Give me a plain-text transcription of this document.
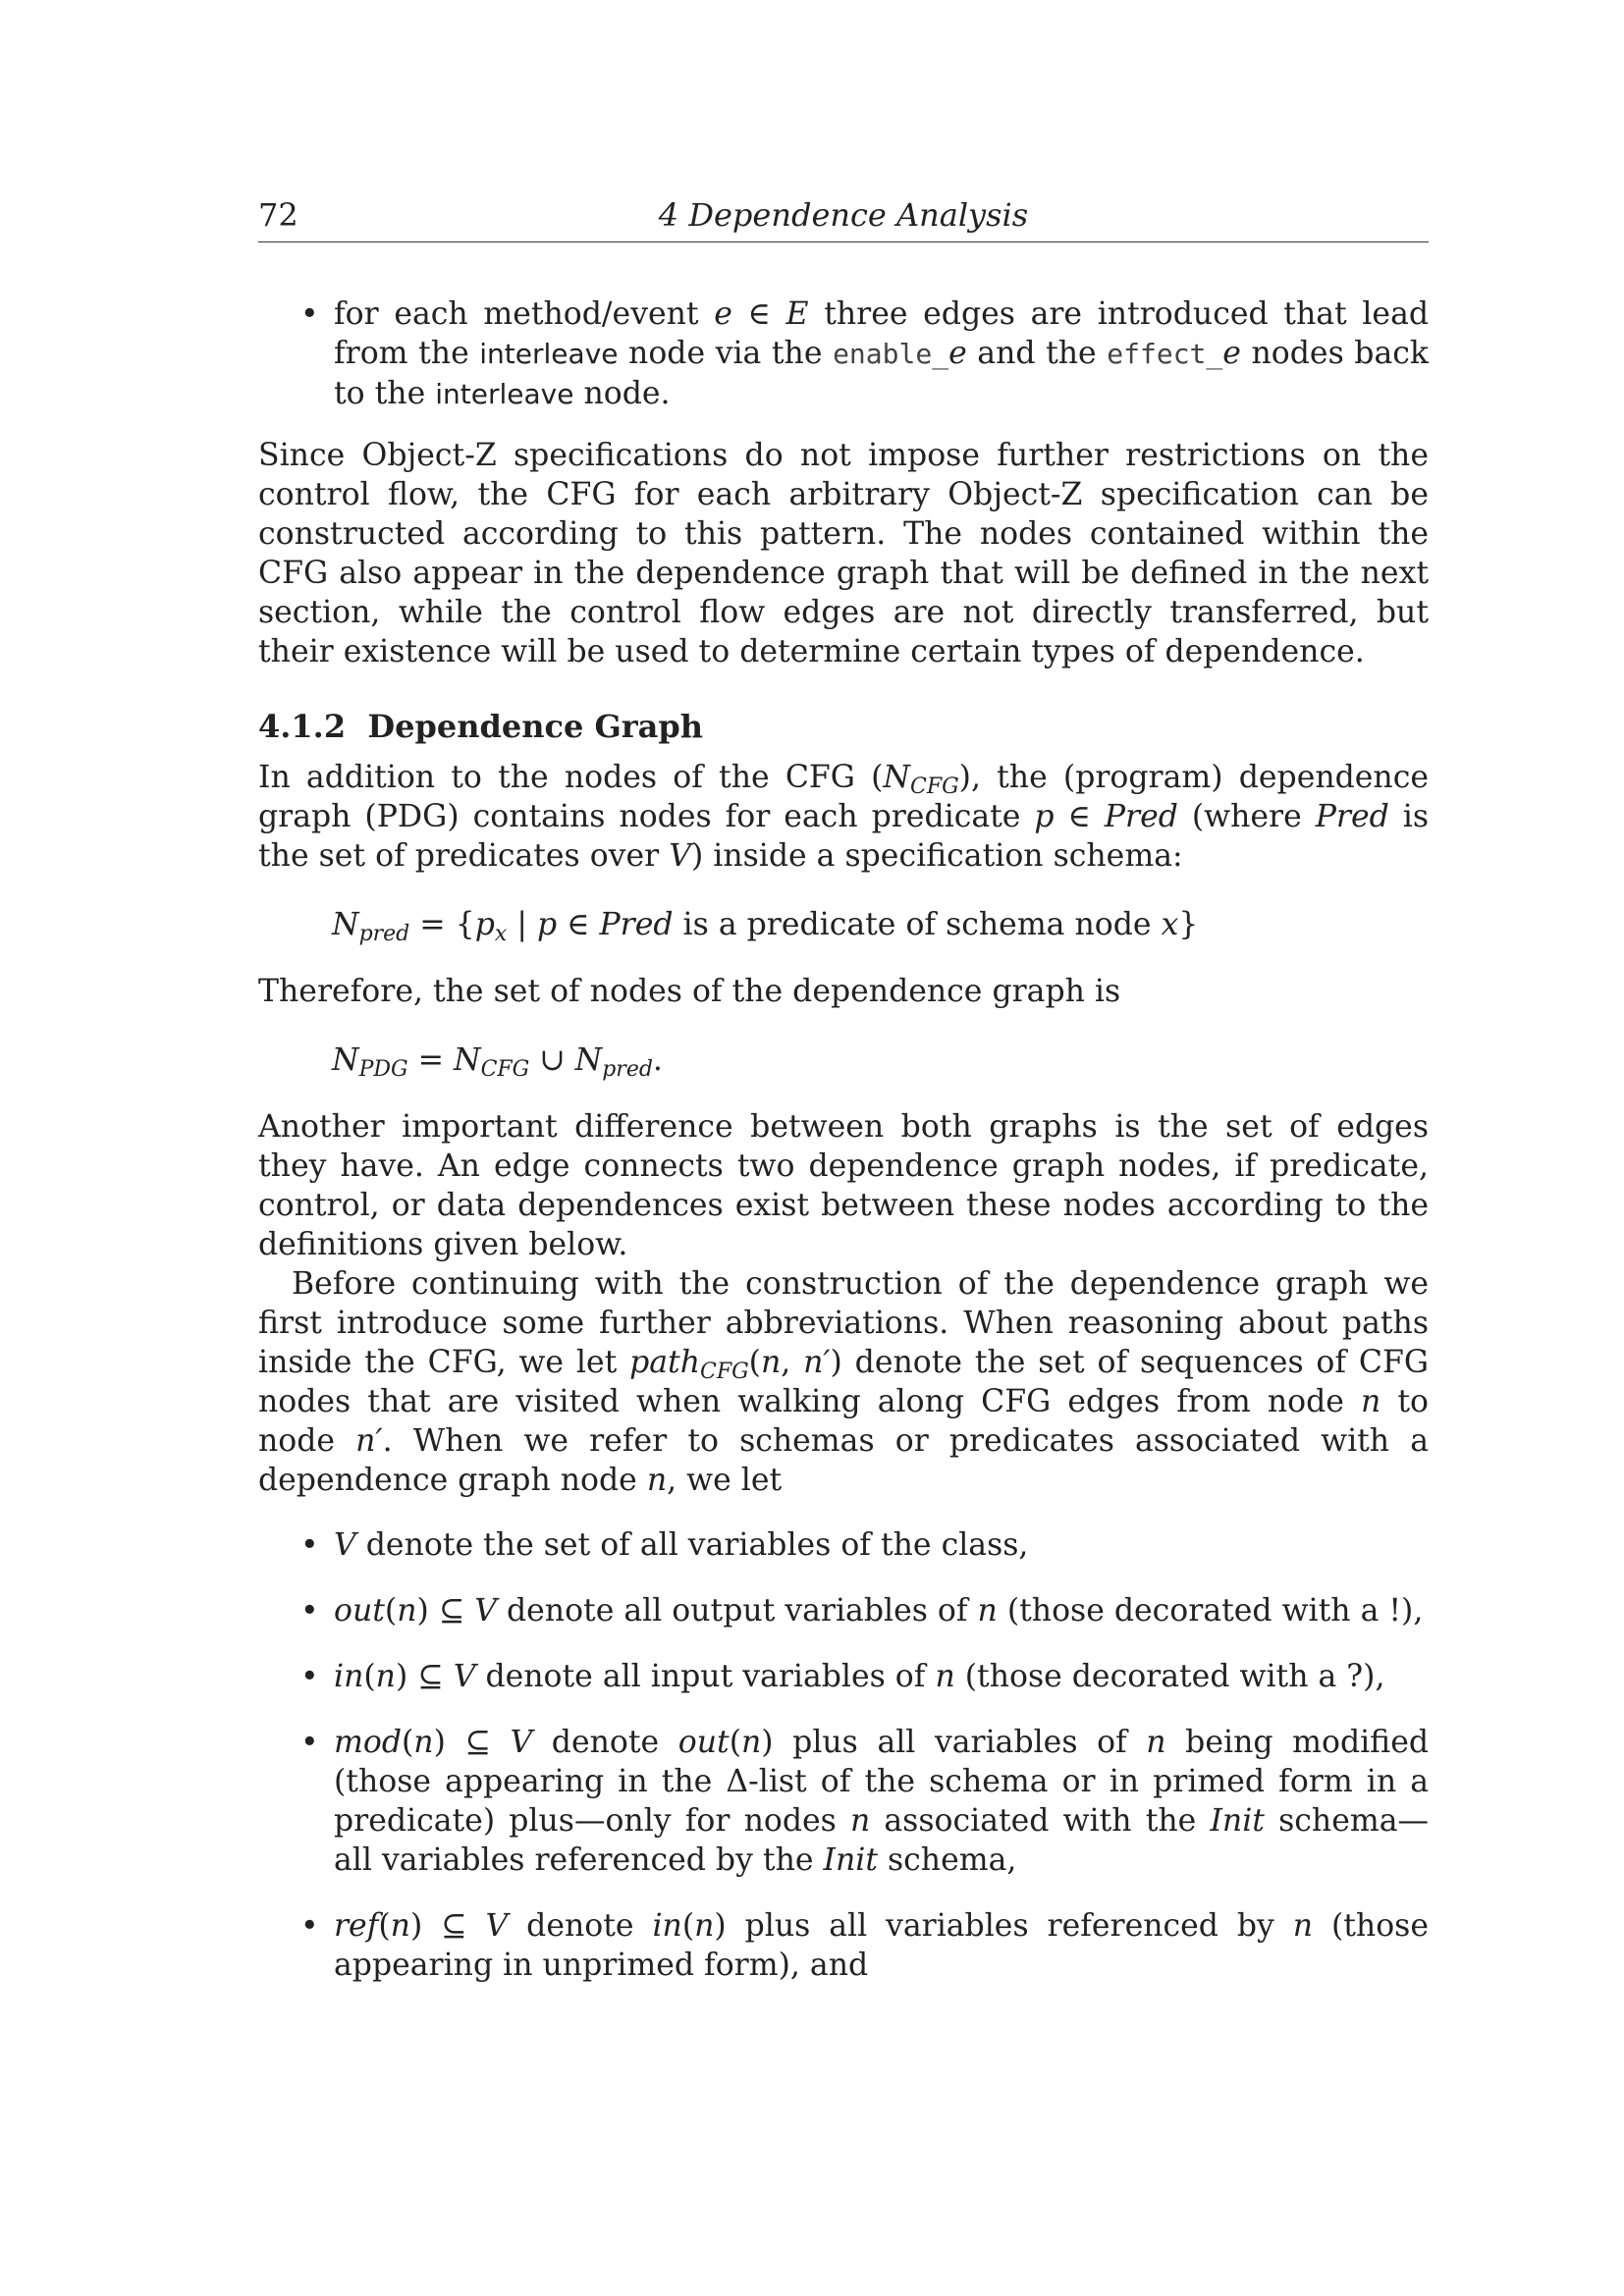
72	4 Dependence Analysis
• for each method/event e ∈ E three edges are introduced that lead from the interleave node via the enable_e and the effect_e nodes back to the interleave node.

Since Object-Z specifications do not impose further restrictions on the control flow, the CFG for each arbitrary Object-Z specification can be constructed according to this pattern. The nodes contained within the CFG also appear in the dependence graph that will be defined in the next section, while the control flow edges are not directly transferred, but their existence will be used to determine certain types of dependence.

4.1.2 Dependence Graph

In addition to the nodes of the CFG $(N_{CFG})$, the (program) dependence graph (PDG) contains nodes for each predicate p ∈ Pred (where Pred is the set of predicates over V) inside a specification schema:

$N_{pred} = \{p_x$ | p ∈ Pred is a predicate of schema node x}

Therefore, the set of nodes of the dependence graph is

$N_{PDG} = N_{CFG}$ ∪ $N_{pred}$.

Another important difference between both graphs is the set of edges they have. An edge connects two dependence graph nodes, if predicate, control, or data dependences exist between these nodes according to the definitions given below.

Before continuing with the construction of the dependence graph we first introduce some further abbreviations. When reasoning about paths inside the CFG, we let path$_{CFG}$(n, n′) denote the set of sequences of CFG nodes that are visited when walking along CFG edges from node n to node n′. When we refer to schemas or predicates associated with a dependence graph node n, we let

• V denote the set of all variables of the class,
• out(n) ⊆ V denote all output variables of n (those decorated with a !),
• in(n) ⊆ V denote all input variables of n (those decorated with a ?),
• mod(n) ⊆ V denote out(n) plus all variables of n being modified (those appearing in the Δ-list of the schema or in primed form in a predicate) plus—only for nodes n associated with the Init schema—all variables referenced by the Init schema,
• ref(n) ⊆ V denote in(n) plus all variables referenced by n (those appearing in unprimed form), and
